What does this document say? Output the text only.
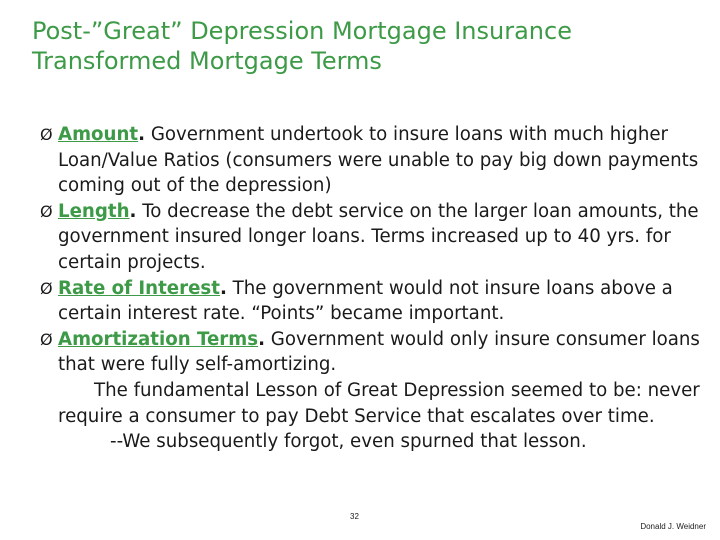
Post-”Great” Depression Mortgage Insurance Transformed Mortgage Terms

Ø Amount. Government undertook to insure loans with much higher Loan/Value Ratios (consumers were unable to pay big down payments coming out of the depression)

Ø Length. To decrease the debt service on the larger loan amounts, the government insured longer loans. Terms increased up to 40 yrs. for certain projects.

Ø Rate of Interest. The government would not insure loans above a certain interest rate. “Points” became important.

Ø Amortization Terms. Government would only insure consumer loans that were fully self-amortizing.

The fundamental Lesson of Great Depression seemed to be: never require a consumer to pay Debt Service that escalates over time.

--We subsequently forgot, even spurned that lesson.

32
Donald J. Weidner
